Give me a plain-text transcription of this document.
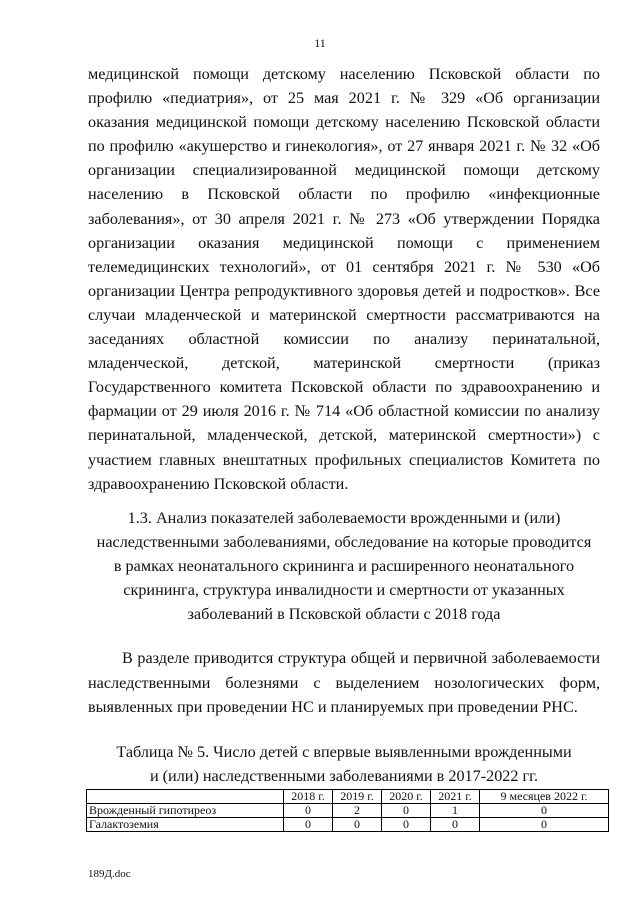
11

медицинской помощи детскому населению Псковской области по профилю «педиатрия», от 25 мая 2021 г. № 329 «Об организации оказания медицинской помощи детскому населению Псковской области по профилю «акушерство и гинекология», от 27 января 2021 г. № 32 «Об организации специализированной медицинской помощи детскому населению в Псковской области по профилю «инфекционные заболевания», от 30 апреля 2021 г. № 273 «Об утверждении Порядка организации оказания медицинской помощи с применением телемедицинских технологий», от 01 сентября 2021 г. № 530 «Об организации Центра репродуктивного здоровья детей и подростков». Все случаи младенческой и материнской смертности рассматриваются на заседаниях областной комиссии по анализу перинатальной, младенческой, детской, материнской смертности (приказ Государственного комитета Псковской области по здравоохранению и фармации от 29 июля 2016 г. № 714 «Об областной комиссии по анализу перинатальной, младенческой, детской, материнской смертности») с участием главных внештатных профильных специалистов Комитета по здравоохранению Псковской области.

1.3. Анализ показателей заболеваемости врожденными и (или)

наследственными заболеваниями, обследование на которые проводится

в рамках неонатального скрининга и расширенного неонатального

скрининга, структура инвалидности и смертности от указанных

заболеваний в Псковской области с 2018 года

В разделе приводится структура общей и первичной заболеваемости наследственными болезнями с выделением нозологических форм, выявленных при проведении НС и планируемых при проведении РНС.

Таблица № 5. Число детей с впервые выявленными врожденными

и (или) наследственными заболеваниями в 2017-2022 гг.

	2018 г.	2019 г.	2020 г.	2021 г.	9 месяцев 2022 г.
Врожденный гипотиреоз	0	2	0	1	0
Галактоземия	0	0	0	0	0
189Д.doc
